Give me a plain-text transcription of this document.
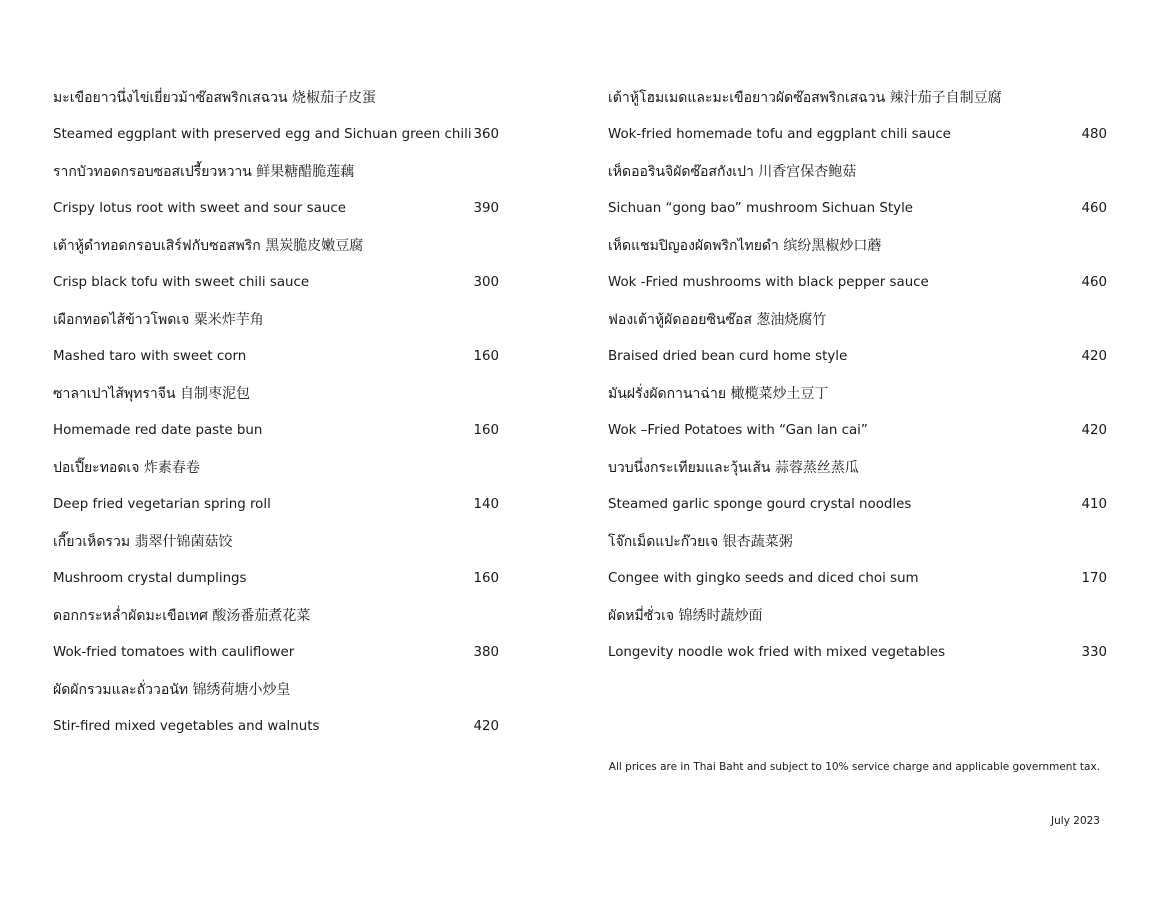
มะเขือยาวนึ่งไข่เยี่ยวม้าซ๊อสพริกเสฉวน 烧椒茄子皮蛋
Steamed eggplant with preserved egg and Sichuan green chili 360
รากบัวทอดกรอบซอสเปรี้ยวหวาน 鲜果糖醋脆莲藕
Crispy lotus root with sweet and sour sauce	390
เต้าหู้ดำทอดกรอบเสิร์ฟกับซอสพริก 黑炭脆皮嫩豆腐
Crisp black tofu with sweet chili sauce	300
เผือกทอดไส้ข้าวโพดเจ 粟米炸芋角
Mashed taro with sweet corn	160
ซาลาเปาไส้พุทราจีน 自制枣泥包
Homemade red date paste bun	160
ปอเปี๊ยะทอดเจ 炸素春卷
Deep fried vegetarian spring roll	140
เกี๊ยวเห็ดรวม 翡翠什锦菌菇饺
Mushroom crystal dumplings	160
ดอกกระหล่ำผัดมะเขือเทศ 酸汤番茄煮花菜
Wok-fried tomatoes with cauliflower	380
ผัดผักรวมและถั่ววอนัท 锦绣荷塘小炒皇
Stir-fired mixed vegetables and walnuts	420
เต้าหู้โฮมเมดและมะเขือยาวผัดซ๊อสพริกเสฉวน 辣汁茄子自制豆腐
Wok-fried homemade tofu and eggplant chili sauce	480
เห็ดออรินจิผัดซ๊อสกังเปา 川香宫保杏鲍菇
Sichuan “gong bao” mushroom Sichuan Style	460
เห็ดแชมปิญองผัดพริกไทยดำ 缤纷黑椒炒口蘑
Wok -Fried mushrooms with black pepper sauce	460
ฟองเต้าหู้ผัดออยซินซ๊อส 葱油烧腐竹
Braised dried bean curd home style	420
มันฝรั่งผัดกานาฉ่าย 橄榄菜炒土豆丁
Wok –Fried Potatoes with “Gan lan cai”	420
บวบนึ่งกระเทียมและวุ้นเส้น 蒜蓉蒸丝蒸瓜
Steamed garlic sponge gourd crystal noodles	410
โจ๊กเม็ดแปะก๊วยเจ 银杏蔬菜粥
Congee with gingko seeds and diced choi sum	170
ผัดหมี่ซั่วเจ 锦绣时蔬炒面
Longevity noodle wok fried with mixed vegetables	330
All prices are in Thai Baht and subject to 10% service charge and applicable government tax.
July 2023
